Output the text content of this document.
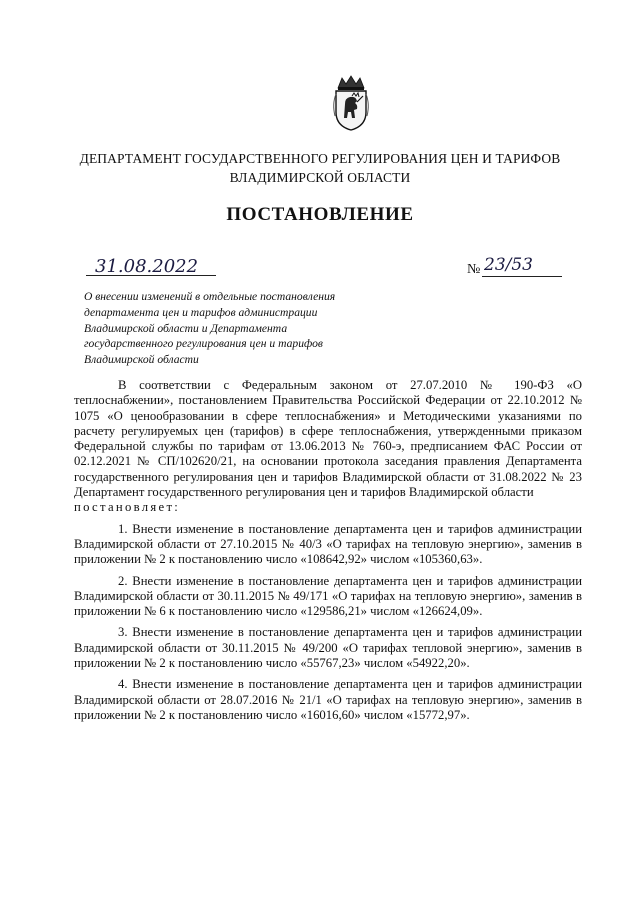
ДЕПАРТАМЕНТ ГОСУДАРСТВЕННОГО РЕГУЛИРОВАНИЯ ЦЕН И ТАРИФОВ
ВЛАДИМИРСКОЙ ОБЛАСТИ
ПОСТАНОВЛЕНИЕ
31.08.2022	№ 23/53
О внесении изменений в отдельные постановления
департамента цен и тарифов администрации
Владимирской области и Департамента
государственного регулирования цен и тарифов
Владимирской области

В соответствии с Федеральным законом от 27.07.2010 № 190-ФЗ «О теплоснабжении», постановлением Правительства Российской Федерации от 22.10.2012 № 1075 «О ценообразовании в сфере теплоснабжения» и Методическими указаниями по расчету регулируемых цен (тарифов) в сфере теплоснабжения, утвержденными приказом Федеральной службы по тарифам от 13.06.2013 № 760-э, предписанием ФАС России от 02.12.2021 № СП/102620/21, на основании протокола заседания правления Департамента государственного регулирования цен и тарифов Владимирской области от 31.08.2022 № 23 Департамент государственного регулирования цен и тарифов Владимирской области

постановляет:

1. Внести изменение в постановление департамента цен и тарифов администрации Владимирской области от 27.10.2015 № 40/3 «О тарифах на тепловую энергию», заменив в приложении № 2 к постановлению число «108642,92» числом «105360,63».

2. Внести изменение в постановление департамента цен и тарифов администрации Владимирской области от 30.11.2015 № 49/171 «О тарифах на тепловую энергию», заменив в приложении № 6 к постановлению число «129586,21» числом «126624,09».

3. Внести изменение в постановление департамента цен и тарифов администрации Владимирской области от 30.11.2015 № 49/200 «О тарифах тепловой энергию», заменив в приложении № 2 к постановлению число «55767,23» числом «54922,20».

4. Внести изменение в постановление департамента цен и тарифов администрации Владимирской области от 28.07.2016 № 21/1 «О тарифах на тепловую энергию», заменив в приложении № 2 к постановлению число «16016,60» числом «15772,97».
